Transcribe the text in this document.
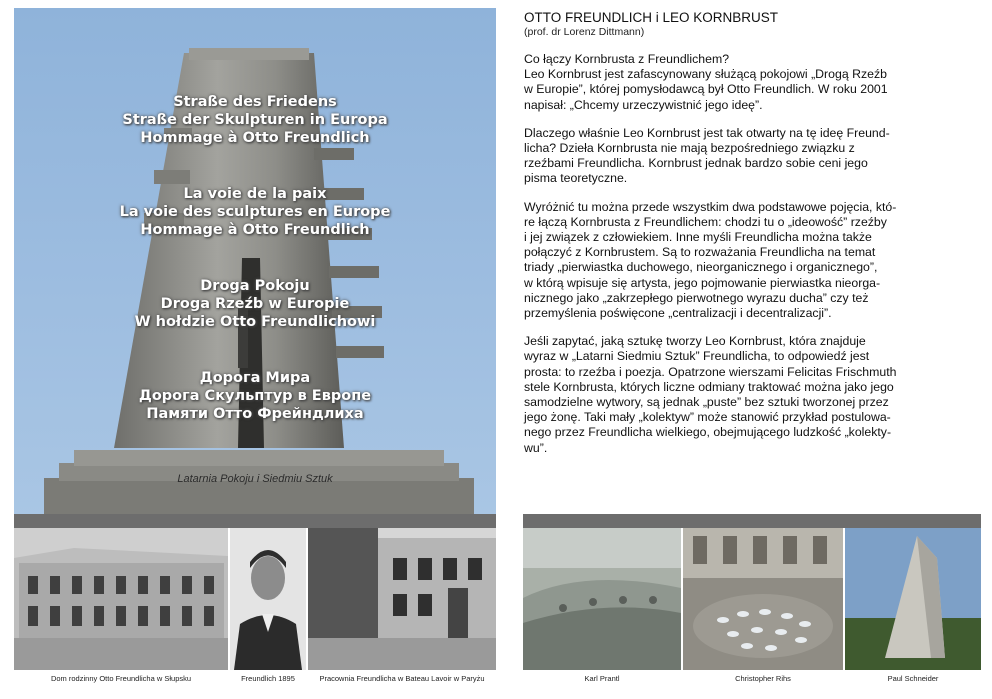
Straße des Friedens
Straße der Skulpturen in Europa
Hommage à Otto Freundlich
La voie de la paix
La voie des sculptures en Europe
Hommage à Otto Freundlich
Droga Pokoju
Droga Rzeźb w Europie
W hołdzie Otto Freundlichowi
Дорога Мира
Дорога Скульптур в Европе
Памяти Отто Фрейндлиха
Latarnia Pokoju i Siedmiu Sztuk
Dom rodzinny Otto Freundlicha w Słupsku	Freundlich 1895	Pracownia Freundlicha w Bateau Lavoir w Paryżu
OTTO FREUNDLICH i LEO KORNBRUST
(prof. dr Lorenz Dittmann)
Co łączy Kornbrusta z Freundlichem?
Leo Kornbrust jest zafascynowany służącą pokojowi „Drogą Rzeźb
w Europie”, której pomysłodawcą był Otto Freundlich. W roku 2001
napisał: „Chcemy urzeczywistnić jego ideę”.
Dlaczego właśnie Leo Kornbrust jest tak otwarty na tę ideę Freund-
licha? Dzieła Kornbrusta nie mają bezpośredniego związku z
rzeźbami Freundlicha. Kornbrust jednak bardzo sobie ceni jego
pisma teoretyczne.
Wyróżnić tu można przede wszystkim dwa podstawowe pojęcia, któ-
re łączą Kornbrusta z Freundlichem: chodzi tu o „ideowość” rzeźby
i jej związek z człowiekiem. Inne myśli Freundlicha można także
połączyć z Kornbrustem. Są to rozważania Freundlicha na temat
triady „pierwiastka duchowego, nieorganicznego i organicznego”,
w którą wpisuje się artysta, jego pojmowanie pierwiastka nieorga-
nicznego jako „zakrzepłego pierwotnego wyrazu ducha” czy też
przemyślenia poświęcone „centralizacji i decentralizacji”.
Jeśli zapytać, jaką sztukę tworzy Leo Kornbrust, która znajduje
wyraz w „Latarni Siedmiu Sztuk” Freundlicha, to odpowiedź jest
prosta: to rzeźba i poezja. Opatrzone wierszami Felicitas Frischmuth
stele Kornbrusta, których liczne odmiany traktować można jako jego
samodzielne wytwory, są jednak „puste” bez sztuki tworzonej przez
jego żonę. Taki mały „kolektyw” może stanowić przykład postulowa-
nego przez Freundlicha wielkiego, obejmującego ludzkość „kolekty-
wu”.
Karl Prantl	Christopher Rihs	Paul Schneider
